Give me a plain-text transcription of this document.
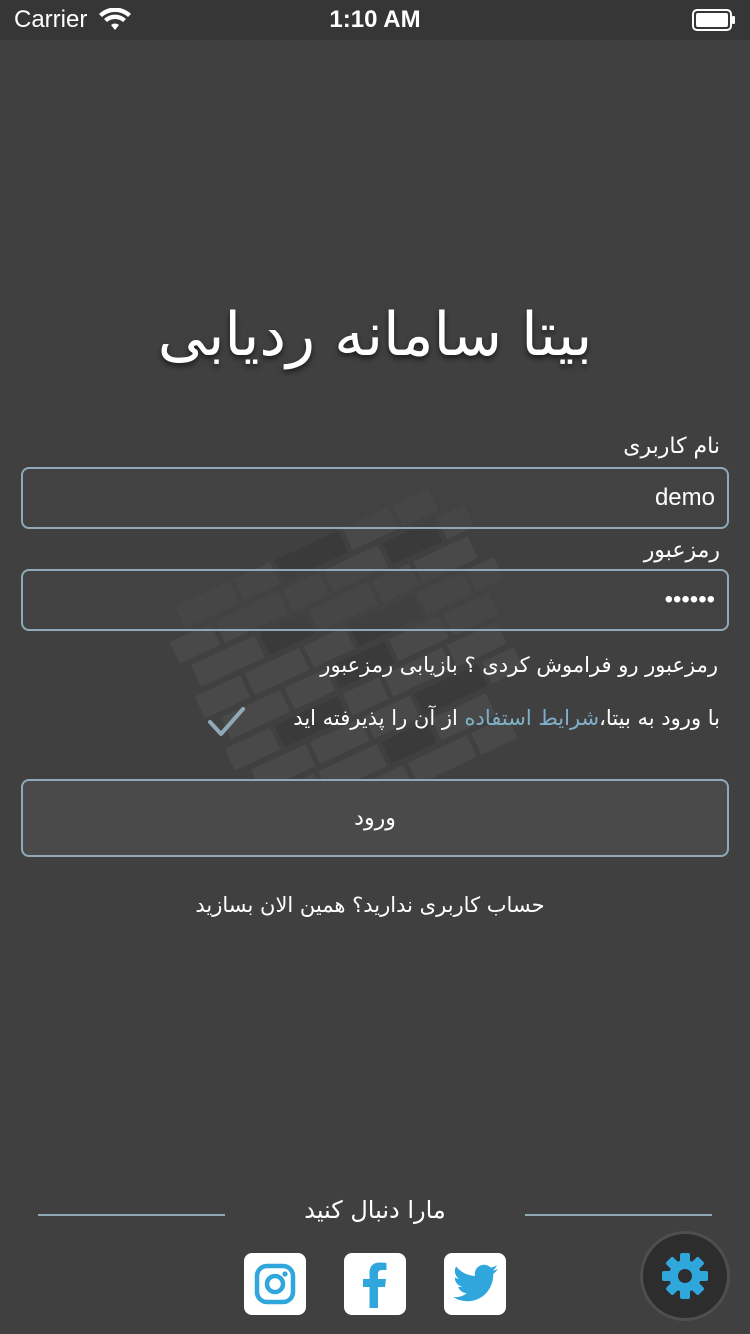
Carrier	1:10 AM
بیتا سامانه ردیابی
نام کاربری
demo
رمزعبور
••••••
رمزعبور رو فراموش کردی ؟ بازیابی رمزعبور
با ورود به بیتا،شرایط استفاده از آن را پذیرفته اید
ورود
حساب کاربری ندارید؟ همین الان بسازید
مارا دنبال کنید
